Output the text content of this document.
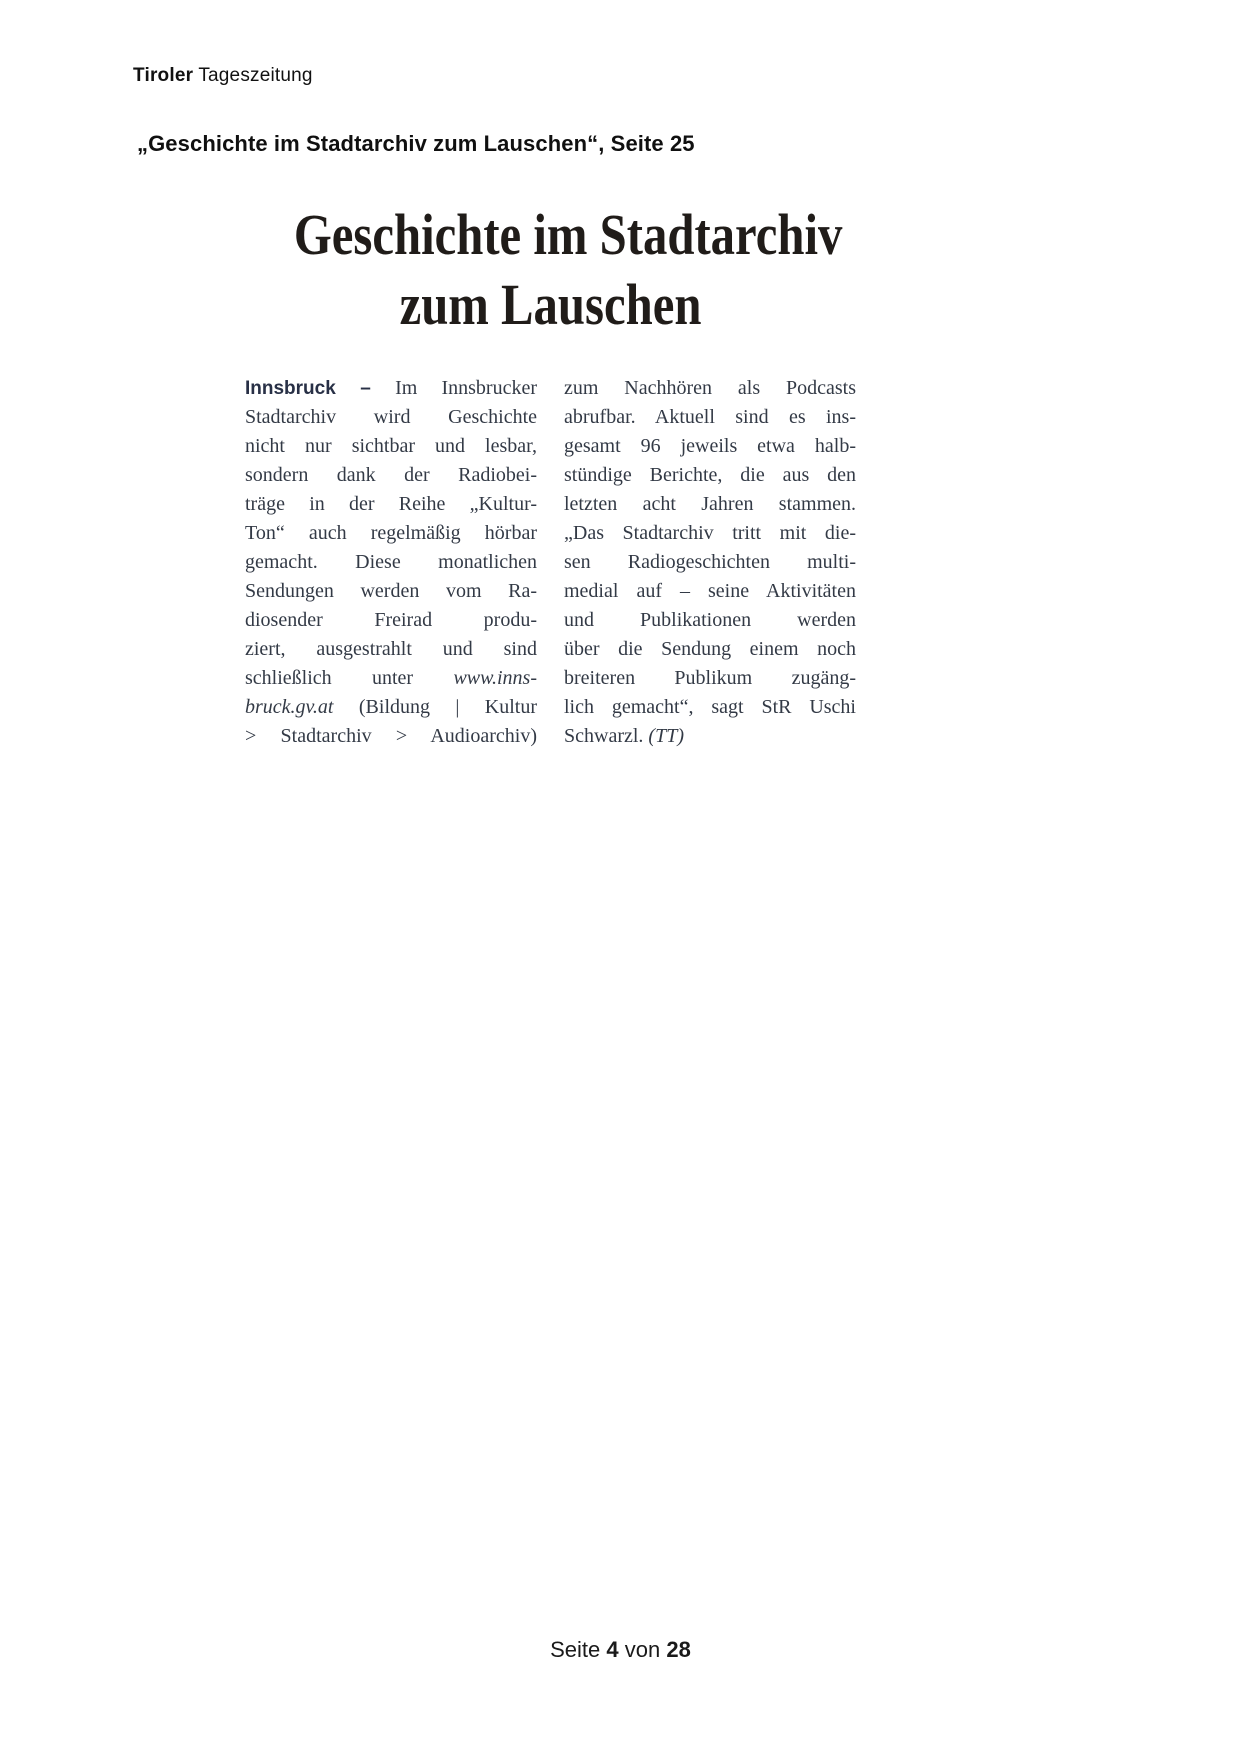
Tiroler Tageszeitung
„Geschichte im Stadtarchiv zum Lauschen“, Seite 25
Geschichte im Stadtarchiv
zum Lauschen
Innsbruck – Im Innsbrucker
Stadtarchiv wird Geschichte
nicht nur sichtbar und lesbar,
sondern dank der Radiobei-
träge in der Reihe „Kultur-
Ton“ auch regelmäßig hörbar
gemacht. Diese monatlichen
Sendungen werden vom Ra-
diosender Freirad produ-
ziert, ausgestrahlt und sind
schließlich unter www.inns-
bruck.gv.at (Bildung | Kultur
> Stadtarchiv > Audioarchiv)
zum Nachhören als Podcasts
abrufbar. Aktuell sind es ins-
gesamt 96 jeweils etwa halb-
stündige Berichte, die aus den
letzten acht Jahren stammen.
„Das Stadtarchiv tritt mit die-
sen Radiogeschichten multi-
medial auf – seine Aktivitäten
und Publikationen werden
über die Sendung einem noch
breiteren Publikum zugäng-
lich gemacht“, sagt StR Uschi
Schwarzl. (TT)
Seite 4 von 28
